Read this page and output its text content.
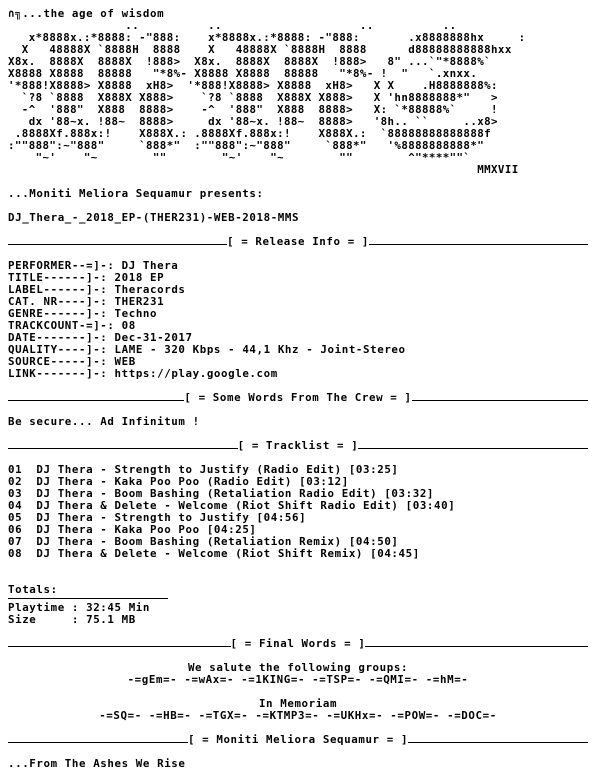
∩╗...the age of wisdom
..          ..                    ..          ..
x*8888x.:*8888: -"888:    x*8888x.:*8888: -"888:       .x8888888hx     :
X   48888X `8888H  8888    X   48888X `8888H  8888      d88888888888hxx
X8x.  8888X  8888X  !888>  X8x.  8888X  8888X  !888>   8" ...`"*8888%`
X8888 X8888  88888   "*8%- X8888 X8888  88888   "*8%- !  "   `.xnxx.
'*888!X8888> X8888  xH8>  '*888!X8888> X8888  xH8>   X X    .H8888888%:
`?8 `8888  X888X X888>    `?8 `8888  X888X X888>   X 'hn8888888*"   >
-^  '888"  X888  8888>    -^  '888"  X888  8888>   X: `*88888%`     !
dx '88~x. !88~  8888>     dx '88~x. !88~  8888>   '8h.. ``     ..x8>
.8888Xf.888x:!    X888X.: .8888Xf.888x:!    X888X.:  `88888888888888f
:""888":~"888"     `888*"  :""888":~"888"     `888*"   '%8888888888*"
"~'    "~        ""        "~'    "~        ""        ^"****""`
MMXVII
...Moniti Meliora Sequamur presents:
DJ_Thera_-_2018_EP-(THER231)-WEB-2018-MMS
[ = Release Info = ]
PERFORMER--=]-: DJ Thera
TITLE------]-: 2018 EP
LABEL------]-: Theracords
CAT. NR----]-: THER231
GENRE------]-: Techno
TRACKCOUNT-=]-: 08
DATE-------]-: Dec-31-2017
QUALITY----]-: LAME - 320 Kbps - 44,1 Khz - Joint-Stereo
SOURCE-----]-: WEB
LINK-------]-: https://play.google.com
[ = Some Words From The Crew = ]
Be secure... Ad Infinitum !
[ = Tracklist = ]
01 DJ Thera - Strength to Justify (Radio Edit) [03:25]
02 DJ Thera - Kaka Poo Poo (Radio Edit) [03:12]
03 DJ Thera - Boom Bashing (Retaliation Radio Edit) [03:32]
04 DJ Thera & Delete - Welcome (Riot Shift Radio Edit) [03:40]
05 DJ Thera - Strength to Justify [04:56]
06 DJ Thera - Kaka Poo Poo [04:25]
07 DJ Thera - Boom Bashing (Retaliation Remix) [04:50]
08 DJ Thera & Delete - Welcome (Riot Shift Remix) [04:45]
Totals:
Playtime : 32:45 Min
Size     : 75.1 MB
[ = Final Words = ]
We salute the following groups:
-=gEm=- -=wAx=- -=1KING=- -=TSP=- -=QMI=- -=hM=-
In Memoriam
-=SQ=- -=HB=- -=TGX=- -=KTMP3=- -=UKHx=- -=POW=- -=DOC=-
[ = Moniti Meliora Sequamur = ]
...From The Ashes We Rise
